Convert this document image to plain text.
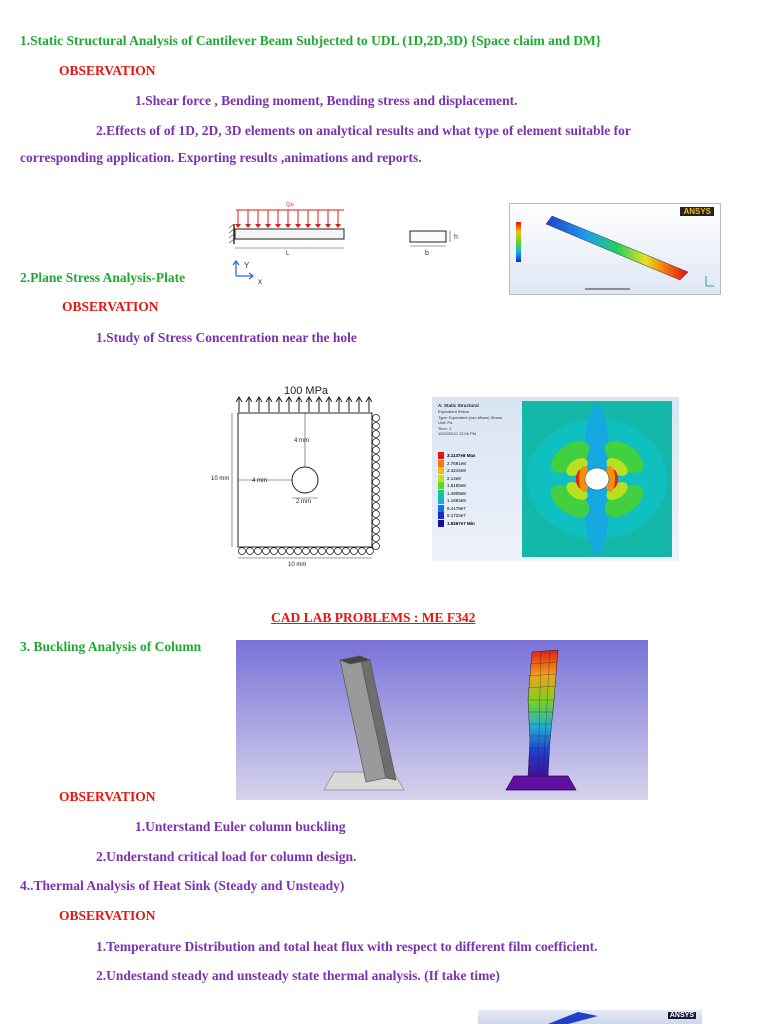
1.Static Structural Analysis of Cantilever Beam Subjected to UDL (1D,2D,3D) {Space claim and DM}
OBSERVATION
1.Shear force , Bending moment, Bending stress and displacement.
2.Effects of of 1D, 2D, 3D elements on analytical results and what type of element suitable for
corresponding application. Exporting results ,animations and reports.
Q,k
L
Y
x
h
b
ANSYS
2.Plane Stress Analysis-Plate
OBSERVATION
1.Study of Stress Concentration near the hole
100 MPa
4 mm
4 mm
2 mm
10 mm
10 mm
A: Static Structural
Equivalent Stress
Type: Equivalent (von-Mises) Stress
Unit: Pa
Time: 1
11/02/2010 12:06 PM
3.1137e8 Max
2.7691e8
2.4244e8
2.14e8
1.8155e8
1.4909e8
1.1663e8
8.4178e7
5.1723e7
1.9267e7 Min
CAD LAB PROBLEMS : ME F342
3. Buckling Analysis of Column
OBSERVATION
1.Unterstand Euler column buckling
2.Understand critical load for column design.
4..Thermal Analysis of Heat Sink (Steady and Unsteady)
OBSERVATION
1.Temperature Distribution and total heat flux with respect to different film coefficient.
2.Undestand steady and unsteady state thermal analysis. (If take time)
ANSYS
